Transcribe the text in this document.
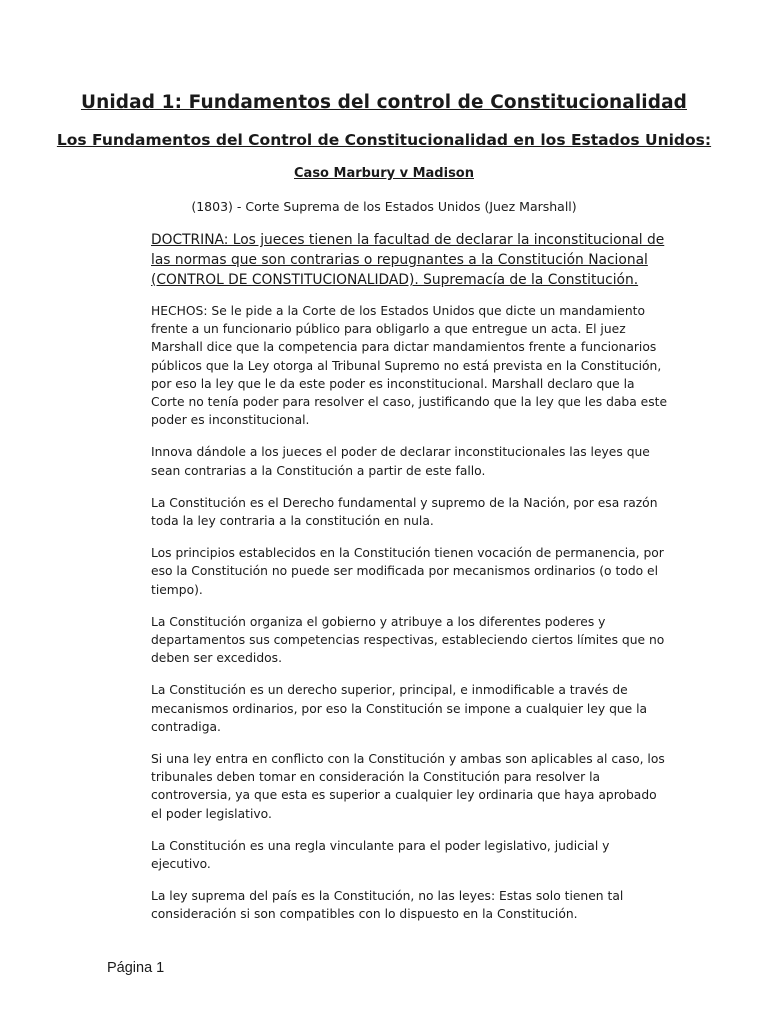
Unidad 1: Fundamentos del control de Constitucionalidad
Los Fundamentos del Control de Constitucionalidad en los Estados Unidos:
Caso Marbury v Madison

(1803) - Corte Suprema de los Estados Unidos (Juez Marshall)

DOCTRINA: Los jueces tienen la facultad de declarar la inconstitucional de las normas que son contrarias o repugnantes a la Constitución Nacional (CONTROL DE CONSTITUCIONALIDAD). Supremacía de la Constitución.

HECHOS: Se le pide a la Corte de los Estados Unidos que dicte un mandamiento frente a un funcionario público para obligarlo a que entregue un acta. El juez Marshall dice que la competencia para dictar mandamientos frente a funcionarios públicos que la Ley otorga al Tribunal Supremo no está prevista en la Constitución, por eso la ley que le da este poder es inconstitucional. Marshall declaro que la Corte no tenía poder para resolver el caso, justificando que la ley que les daba este poder es inconstitucional.

Innova dándole a los jueces el poder de declarar inconstitucionales las leyes que sean contrarias a la Constitución a partir de este fallo.

La Constitución es el Derecho fundamental y supremo de la Nación, por esa razón toda la ley contraria a la constitución en nula.

Los principios establecidos en la Constitución tienen vocación de permanencia, por eso la Constitución no puede ser modificada por mecanismos ordinarios (o todo el tiempo).

La Constitución organiza el gobierno y atribuye a los diferentes poderes y departamentos sus competencias respectivas, estableciendo ciertos límites que no deben ser excedidos.

La Constitución es un derecho superior, principal, e inmodificable a través de mecanismos ordinarios, por eso la Constitución se impone a cualquier ley que la contradiga.

Si una ley entra en conflicto con la Constitución y ambas son aplicables al caso, los tribunales deben tomar en consideración la Constitución para resolver la controversia, ya que esta es superior a cualquier ley ordinaria que haya aprobado el poder legislativo.

La Constitución es una regla vinculante para el poder legislativo, judicial y ejecutivo.

La ley suprema del país es la Constitución, no las leyes: Estas solo tienen tal consideración si son compatibles con lo dispuesto en la Constitución.

Página 1
